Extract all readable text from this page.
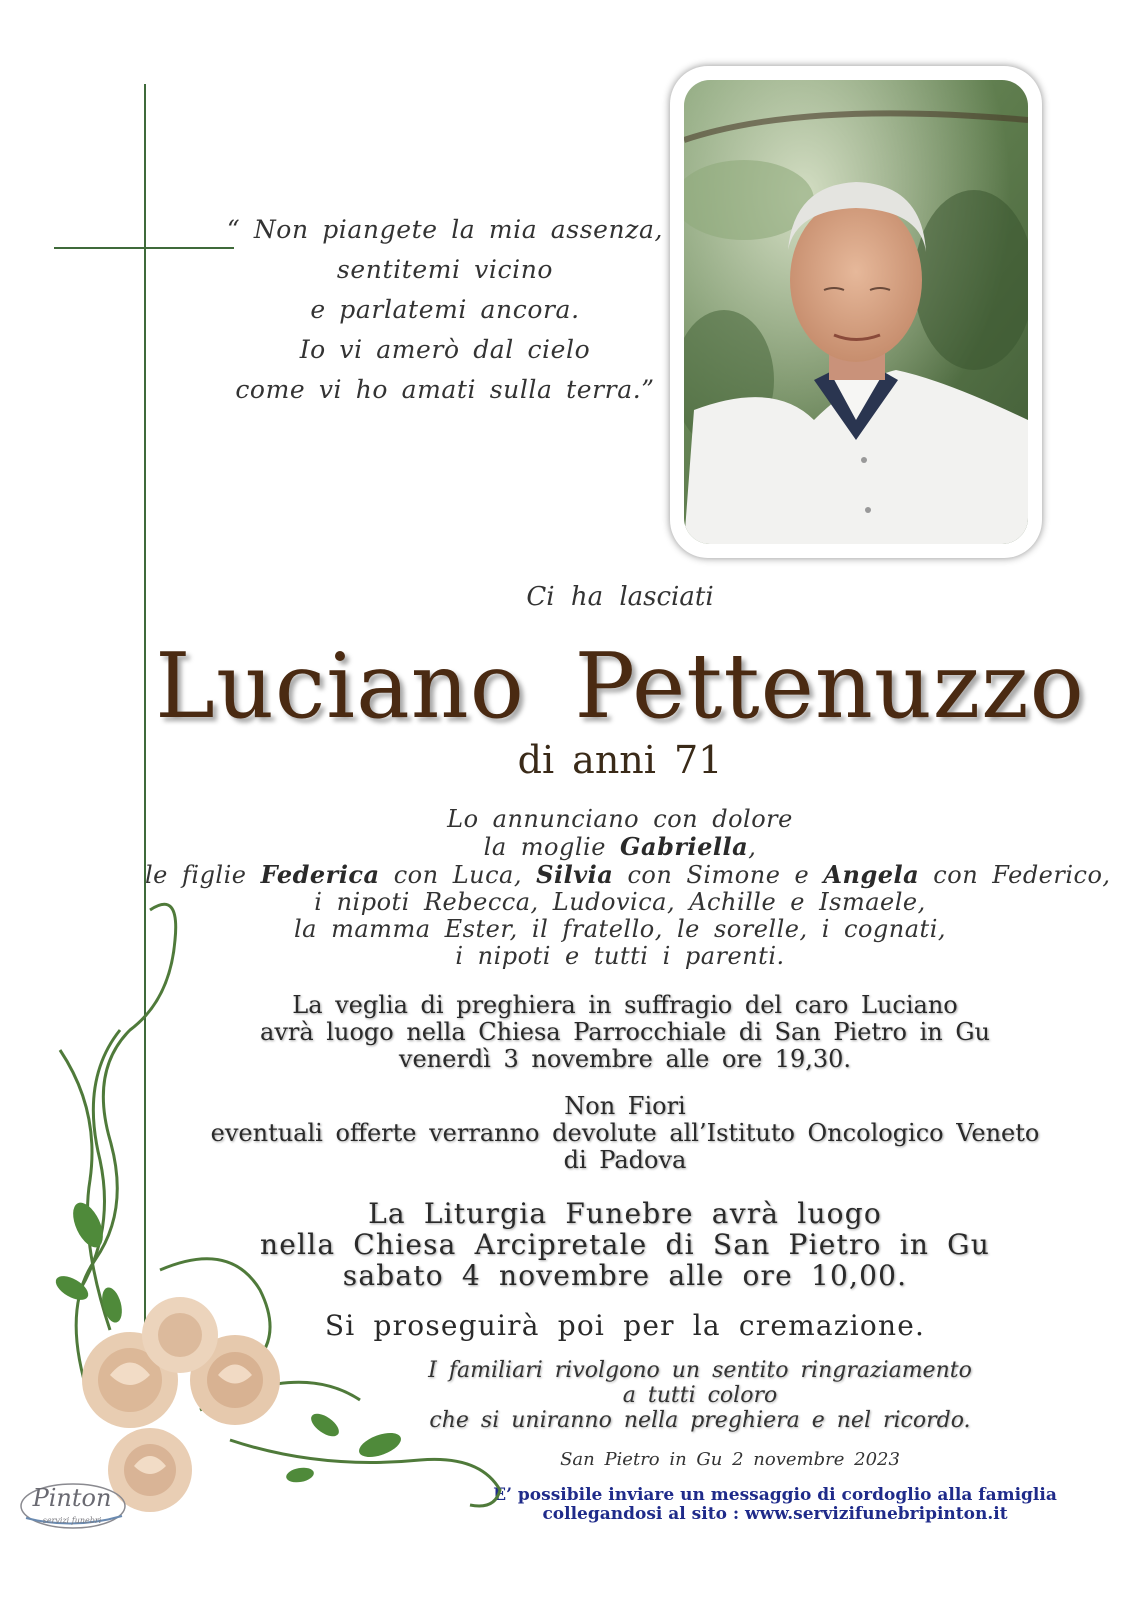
“ Non piangete la mia assenza,
sentitemi vicino
e parlatemi ancora.
Io vi amerò dal cielo
come vi ho amati sulla terra.”
Ci ha lasciati
Luciano Pettenuzzo
di anni 71
Lo annunciano con dolore
la moglie Gabriella,
le figlie Federica con Luca, Silvia con Simone e Angela con Federico,
i nipoti Rebecca, Ludovica, Achille e Ismaele,
la mamma Ester, il fratello, le sorelle, i cognati,
i nipoti e tutti i parenti.
La veglia di preghiera in suffragio del caro Luciano
avrà luogo nella Chiesa Parrocchiale di San Pietro in Gu
venerdì 3 novembre alle ore 19,30.
Non Fiori
eventuali offerte verranno devolute all’Istituto Oncologico Veneto
di Padova
La Liturgia Funebre avrà luogo
nella Chiesa Arcipretale di San Pietro in Gu
sabato 4 novembre alle ore 10,00.
Si proseguirà poi per la cremazione.
I familiari rivolgono un sentito ringraziamento
a tutti coloro
che si uniranno nella preghiera e nel ricordo.
San Pietro in Gu 2 novembre 2023
E’ possibile inviare un messaggio di cordoglio alla famiglia
collegandosi al sito : www.servizifunebripinton.it
Pinton
servizi funebri
